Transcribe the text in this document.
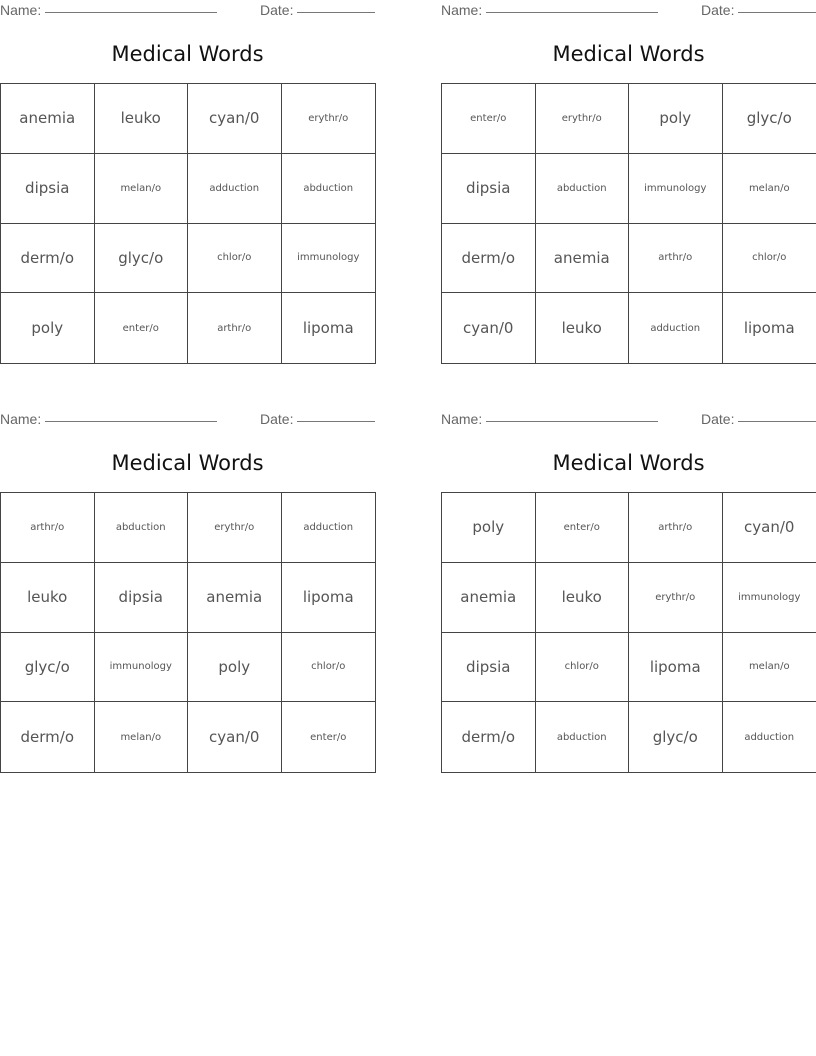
Name:	Date:
Medical Words
anemia	leuko	cyan/0	erythr/o
dipsia	melan/o	adduction	abduction
derm/o	glyc/o	chlor/o	immunology
poly	enter/o	arthr/o	lipoma
Name:	Date:
Medical Words
enter/o	erythr/o	poly	glyc/o
dipsia	abduction	immunology	melan/o
derm/o	anemia	arthr/o	chlor/o
cyan/0	leuko	adduction	lipoma
Name:	Date:
Medical Words
arthr/o	abduction	erythr/o	adduction
leuko	dipsia	anemia	lipoma
glyc/o	immunology	poly	chlor/o
derm/o	melan/o	cyan/0	enter/o
Name:	Date:
Medical Words
poly	enter/o	arthr/o	cyan/0
anemia	leuko	erythr/o	immunology
dipsia	chlor/o	lipoma	melan/o
derm/o	abduction	glyc/o	adduction
